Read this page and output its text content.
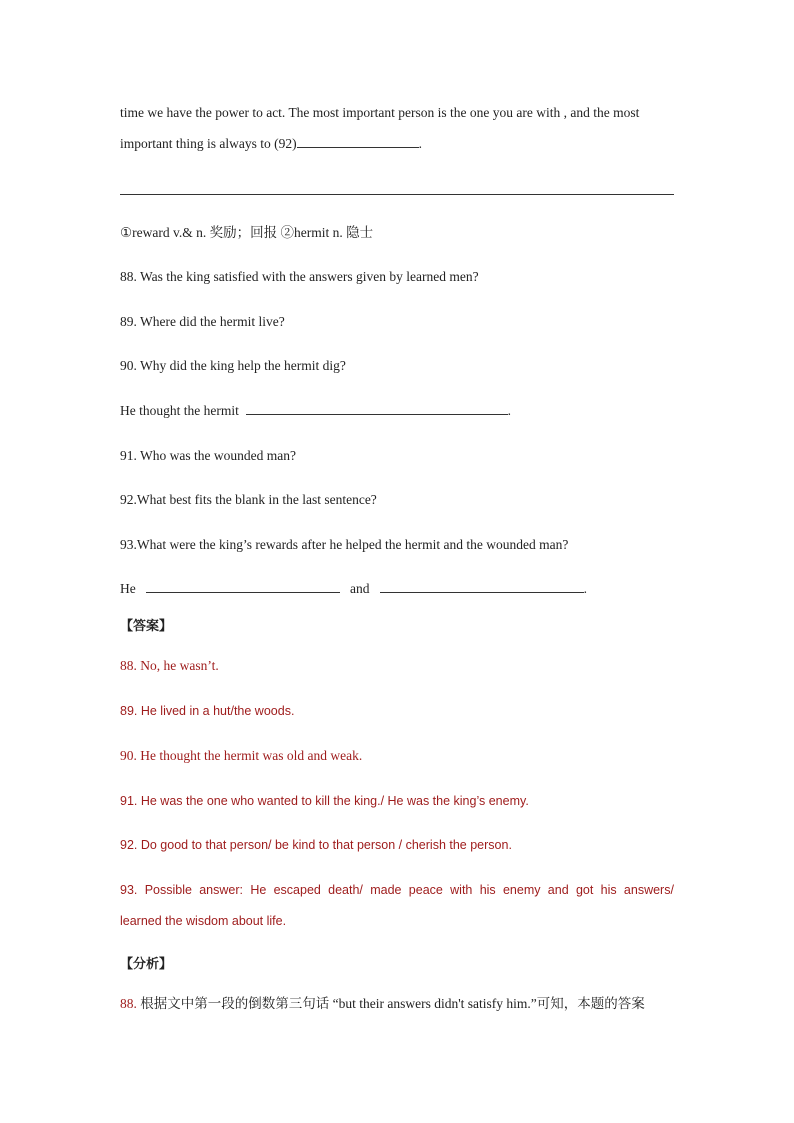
time we have the power to act. The most important person is the one you are with , and the most
important thing is always to (92)	.
①reward v.& n. 奖励；回报 ②hermit n. 隐士
88. Was the king satisfied with the answers given by learned men?
89. Where did the hermit live?
90. Why did the king help the hermit dig?
He thought the hermit	.
91. Who was the wounded man?
92.What best fits the blank in the last sentence?
93.What were the king’s rewards after he helped the hermit and the wounded man?
He	and	.
【答案】
88. No, he wasn’t.
89. He lived in a hut/the woods.
90. He thought the hermit was old and weak.
91. He was the one who wanted to kill the king./ He was the king’s enemy.
92. Do good to that person/ be kind to that person / cherish the person.
93. Possible answer: He escaped death/ made peace with his enemy and got his answers/
learned the wisdom about life.
【分析】
88. 根据文中第一段的倒数第三句话 “but their answers didn't satisfy him.”可知，本题的答案
